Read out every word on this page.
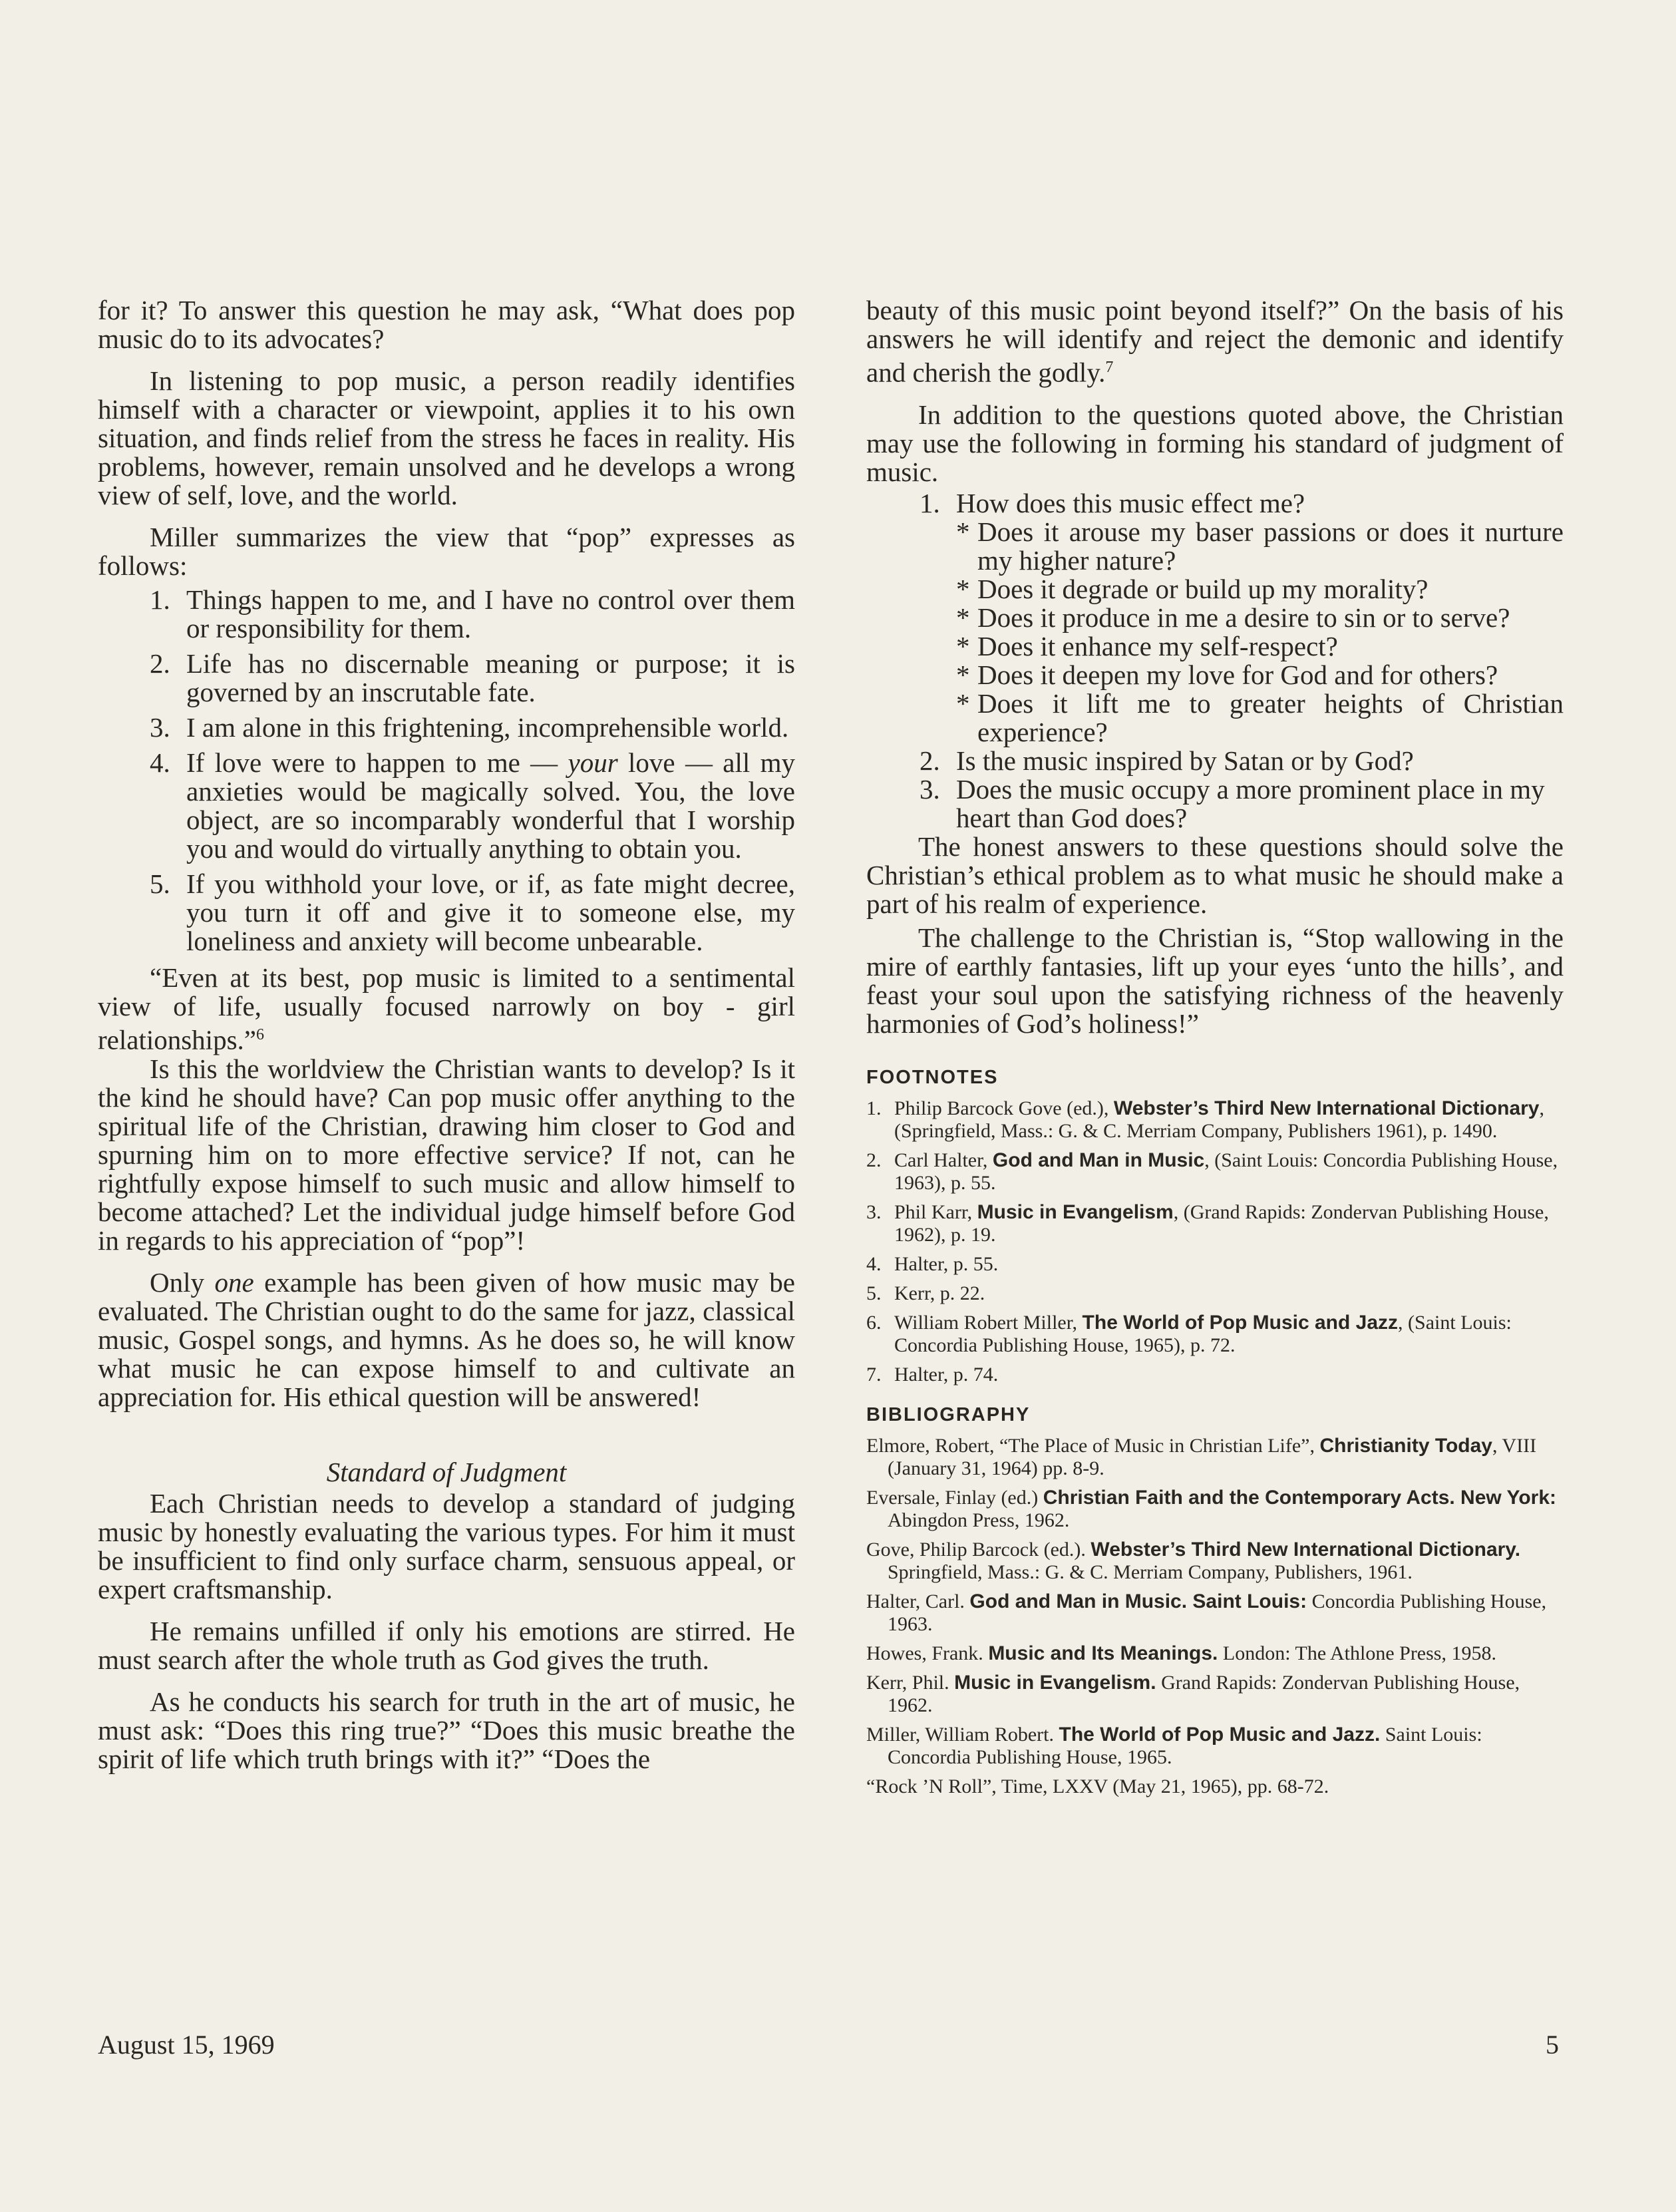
for it? To answer this question he may ask, “What does pop music do to its advocates?

In listening to pop music, a person readily identifies himself with a character or viewpoint, applies it to his own situation, and finds relief from the stress he faces in reality. His problems, however, remain unsolved and he develops a wrong view of self, love, and the world.

Miller summarizes the view that “pop” expresses as follows:

1. Things happen to me, and I have no control over them or responsibility for them.
2. Life has no discernable meaning or purpose; it is governed by an inscrutable fate.
3. I am alone in this frightening, incomprehensible world.
4. If love were to happen to me — your love — all my anxieties would be magically solved. You, the love object, are so incomparably wonderful that I worship you and would do virtually anything to obtain you.
5. If you withhold your love, or if, as fate might decree, you turn it off and give it to someone else, my loneliness and anxiety will become unbearable.

“Even at its best, pop music is limited to a sentimental view of life, usually focused narrowly on boy - girl relationships.”$^6$

Is this the worldview the Christian wants to develop? Is it the kind he should have? Can pop music offer anything to the spiritual life of the Christian, drawing him closer to God and spurning him on to more effective service? If not, can he rightfully expose himself to such music and allow himself to become attached? Let the individual judge himself before God in regards to his appreciation of “pop”!

Only one example has been given of how music may be evaluated. The Christian ought to do the same for jazz, classical music, Gospel songs, and hymns. As he does so, he will know what music he can expose himself to and cultivate an appreciation for. His ethical question will be answered!

Standard of Judgment

Each Christian needs to develop a standard of judging music by honestly evaluating the various types. For him it must be insufficient to find only surface charm, sensuous appeal, or expert craftsmanship.

He remains unfilled if only his emotions are stirred. He must search after the whole truth as God gives the truth.

As he conducts his search for truth in the art of music, he must ask: “Does this ring true?” “Does this music breathe the spirit of life which truth brings with it?” “Does the

beauty of this music point beyond itself?” On the basis of his answers he will identify and reject the demonic and identify and cherish the godly.$^7$

In addition to the questions quoted above, the Christian may use the following in forming his standard of judgment of music.

1. How does this music effect me?
* Does it arouse my baser passions or does it nurture my higher nature?
* Does it degrade or build up my morality?
* Does it produce in me a desire to sin or to serve?
* Does it enhance my self-respect?
* Does it deepen my love for God and for others?
* Does it lift me to greater heights of Christian experience?
2. Is the music inspired by Satan or by God?
3. Does the music occupy a more prominent place in my heart than God does?

The honest answers to these questions should solve the Christian’s ethical problem as to what music he should make a part of his realm of experience.

The challenge to the Christian is, “Stop wallowing in the mire of earthly fantasies, lift up your eyes ‘unto the hills’, and feast your soul upon the satisfying richness of the heavenly harmonies of God’s holiness!”

FOOTNOTES
1. Philip Barcock Gove (ed.), Webster’s Third New International Dictionary, (Springfield, Mass.: G. & C. Merriam Company, Publishers 1961), p. 1490.
2. Carl Halter, God and Man in Music, (Saint Louis: Concordia Publishing House, 1963), p. 55.
3. Phil Karr, Music in Evangelism, (Grand Rapids: Zondervan Publishing House, 1962), p. 19.
4. Halter, p. 55.
5. Kerr, p. 22.
6. William Robert Miller, The World of Pop Music and Jazz, (Saint Louis: Concordia Publishing House, 1965), p. 72.
7. Halter, p. 74.
BIBLIOGRAPHY
Elmore, Robert, “The Place of Music in Christian Life”, Christianity Today, VIII (January 31, 1964) pp. 8-9.
Eversale, Finlay (ed.) Christian Faith and the Contemporary Acts. New York: Abingdon Press, 1962.
Gove, Philip Barcock (ed.). Webster’s Third New International Dictionary. Springfield, Mass.: G. & C. Merriam Company, Publishers, 1961.
Halter, Carl. God and Man in Music. Saint Louis: Concordia Publishing House, 1963.
Howes, Frank. Music and Its Meanings. London: The Athlone Press, 1958.
Kerr, Phil. Music in Evangelism. Grand Rapids: Zondervan Publishing House, 1962.
Miller, William Robert. The World of Pop Music and Jazz. Saint Louis: Concordia Publishing House, 1965.
“Rock ’N Roll”, Time, LXXV (May 21, 1965), pp. 68-72.
August 15, 1969	5
